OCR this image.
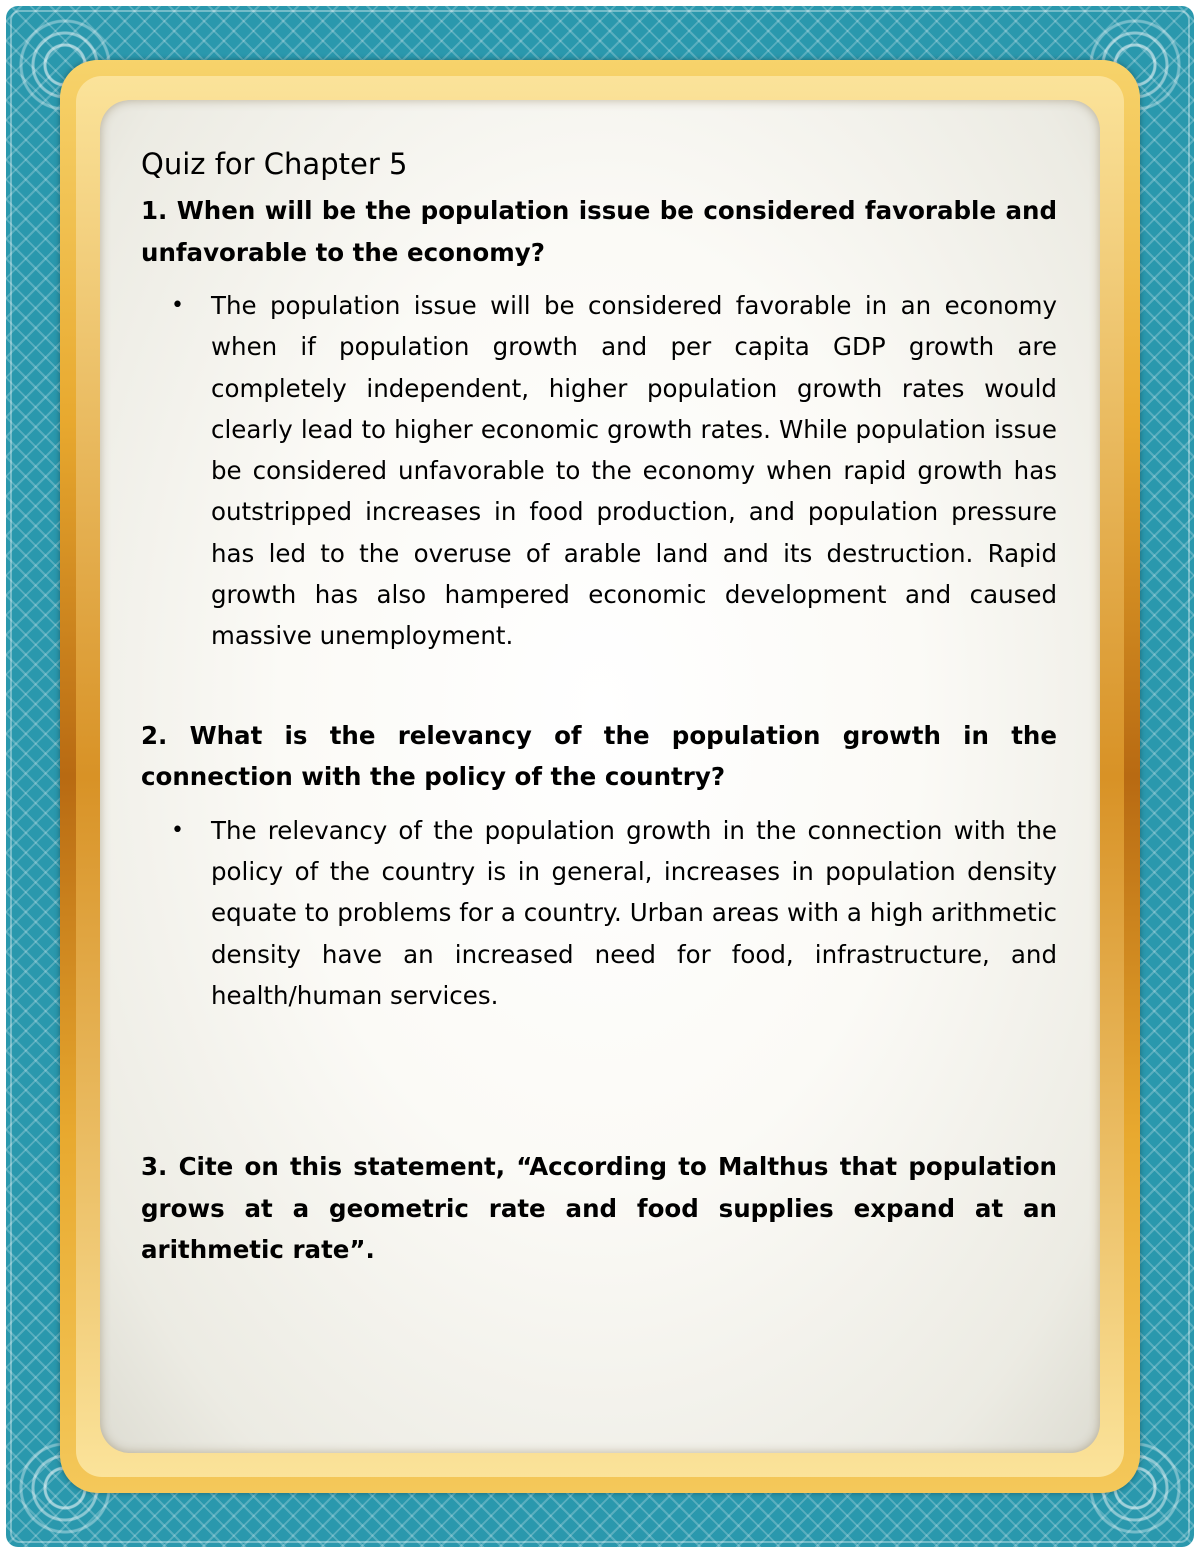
Quiz for Chapter 5

1. When will be the population issue be considered favorable and unfavorable to the economy?

• The population issue will be considered favorable in an economy when if population growth and per capita GDP growth are completely independent, higher population growth rates would clearly lead to higher economic growth rates. While population issue be considered unfavorable to the economy when rapid growth has outstripped increases in food production, and population pressure has led to the overuse of arable land and its destruction. Rapid growth has also hampered economic development and caused massive unemployment.

2. What is the relevancy of the population growth in the connection with the policy of the country?

• The relevancy of the population growth in the connection with the policy of the country is in general, increases in population density equate to problems for a country. Urban areas with a high arithmetic density have an increased need for food, infrastructure, and health/human services.

3. Cite on this statement, “According to Malthus that population grows at a geometric rate and food supplies expand at an arithmetic rate”.
